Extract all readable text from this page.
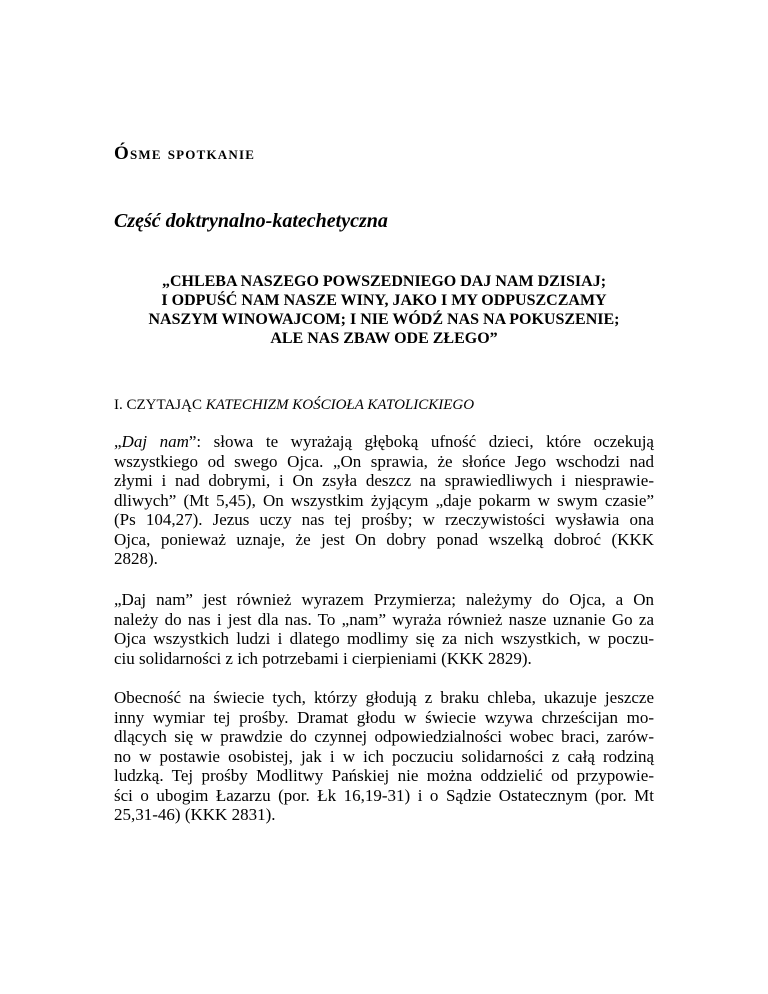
Ósme spotkanie
Część doktrynalno-katechetyczna
„CHLEBA NASZEGO POWSZEDNIEGO DAJ NAM DZISIAJ;
I ODPUŚĆ NAM NASZE WINY, JAKO I MY ODPUSZCZAMY
NASZYM WINOWAJCOM; I NIE WÓDŹ NAS NA POKUSZENIE;
ALE NAS ZBAW ODE ZŁEGO”
I. CZYTAJĄC KATECHIZM KOŚCIOŁA KATOLICKIEGO
„Daj nam”: słowa te wyrażają głęboką ufność dzieci, które oczekują
wszystkiego od swego Ojca. „On sprawia, że słońce Jego wschodzi nad
złymi i nad dobrymi, i On zsyła deszcz na sprawiedliwych i niesprawie-
dliwych” (Mt 5,45), On wszystkim żyjącym „daje pokarm w swym czasie”
(Ps 104,27). Jezus uczy nas tej prośby; w rzeczywistości wysławia ona
Ojca, ponieważ uznaje, że jest On dobry ponad wszelką dobroć (KKK
2828).
„Daj nam” jest również wyrazem Przymierza; należymy do Ojca, a On
należy do nas i jest dla nas. To „nam” wyraża również nasze uznanie Go za
Ojca wszystkich ludzi i dlatego modlimy się za nich wszystkich, w poczu-
ciu solidarności z ich potrzebami i cierpieniami (KKK 2829).
Obecność na świecie tych, którzy głodują z braku chleba, ukazuje jeszcze
inny wymiar tej prośby. Dramat głodu w świecie wzywa chrześcijan mo-
dlących się w prawdzie do czynnej odpowiedzialności wobec braci, zarów-
no w postawie osobistej, jak i w ich poczuciu solidarności z całą rodziną
ludzką. Tej prośby Modlitwy Pańskiej nie można oddzielić od przypowie-
ści o ubogim Łazarzu (por. Łk 16,19-31) i o Sądzie Ostatecznym (por. Mt
25,31-46) (KKK 2831).
